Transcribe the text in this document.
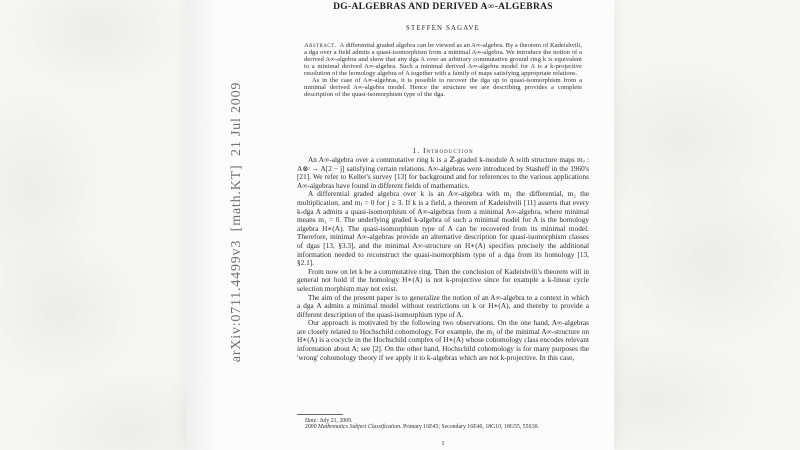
arXiv:0711.4499v3  [math.KT]  21 Jul 2009
DG-ALGEBRAS AND DERIVED A∞-ALGEBRAS
STEFFEN SAGAVE

Abstract. A differential graded algebra can be viewed as an A∞-algebra. By a theorem of Kadeishvili, a dga over a field admits a quasi-isomorphism from a minimal A∞-algebra. We introduce the notion of a derived A∞-algebra and show that any dga A over an arbitrary commutative ground ring k is equivalent to a minimal derived A∞-algebra. Such a minimal derived A∞-algebra model for A is a k-projective resolution of the homology algebra of A together with a family of maps satisfying appropriate relations.

As in the case of A∞-algebras, it is possible to recover the dga up to quasi-isomorphism from a minimal derived A∞-algebra model. Hence the structure we are describing provides a complete description of the quasi-isomorphism type of the dga.

1. Introduction

An A∞-algebra over a commutative ring k is a ℤ-graded k-module A with structure maps mⱼ : A⊗ʲ → A[2 − j] satisfying certain relations. A∞-algebras were introduced by Stasheff in the 1960's [21]. We refer to Keller's survey [13] for background and for references to the various applications A∞-algebras have found in different fields of mathematics.

A differential graded algebra over k is an A∞-algebra with m₁ the differential, m₂ the multiplication, and mⱼ = 0 for j ≥ 3. If k is a field, a theorem of Kadeishvili [11] asserts that every k-dga A admits a quasi-isomorphism of A∞-algebras from a minimal A∞-algebra, where minimal means m₁ = 0. The underlying graded k-algebra of such a minimal model for A is the homology algebra H∗(A). The quasi-isomorphism type of A can be recovered from its minimal model. Therefore, minimal A∞-algebras provide an alternative description for quasi-isomorphism classes of dgas [13, §3.3], and the minimal A∞-structure on H∗(A) specifies precisely the additional information needed to reconstruct the quasi-isomorphism type of a dga from its homology [13, §2.1].

From now on let k be a commutative ring. Then the conclusion of Kadeishvili's theorem will in general not hold if the homology H∗(A) is not k-projective since for example a k-linear cycle selection morphism may not exist.

The aim of the present paper is to generalize the notion of an A∞-algebra to a context in which a dga A admits a minimal model without restrictions on k or H∗(A), and thereby to provide a different description of the quasi-isomorphism type of A.

Our approach is motivated by the following two observations. On the one hand, A∞-algebras are closely related to Hochschild cohomology. For example, the m₃ of the minimal A∞-structure on H∗(A) is a cocycle in the Hochschild complex of H∗(A) whose cohomology class encodes relevant information about A; see [2]. On the other hand, Hochschild cohomology is for many purposes the 'wrong' cohomology theory if we apply it to k-algebras which are not k-projective. In this case,

Date: July 21, 2009.

2000 Mathematics Subject Classification. Primary 16E45; Secondary 16E40, 18G10, 18G55, 55S30.

1
